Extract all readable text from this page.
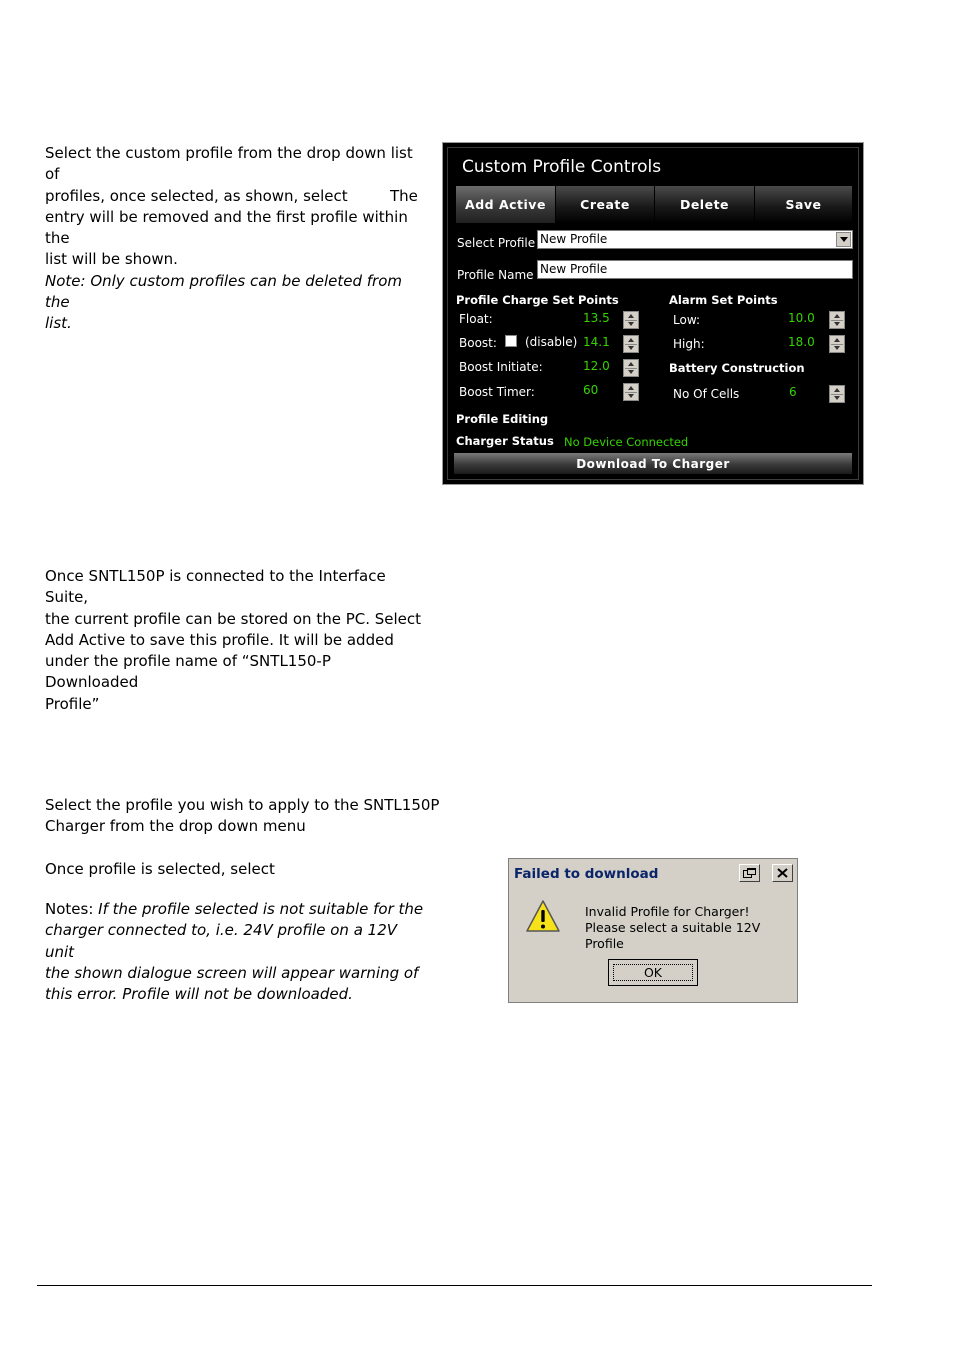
Select the custom profile from the drop down list of

profiles, once selected, as shown, select	The

entry will be removed and the first profile within the

list will be shown.

Note: Only custom profiles can be deleted from the

list.

Once SNTL150P is connected to the Interface Suite,

the current profile can be stored on the PC. Select

Add Active to save this profile. It will be added

under the profile name of “SNTL150-P Downloaded

Profile”

Select the profile you wish to apply to the SNTL150P

Charger from the drop down menu

Once profile is selected, select

Notes: If the profile selected is not suitable for the

charger connected to, i.e. 24V profile on a 12V unit

the shown dialogue screen will appear warning of

this error. Profile will not be downloaded.

Custom Profile Controls
Add Active	Create	Delete	Save
Select Profile New Profile
Profile Name New Profile
Profile Charge Set Points	Alarm Set Points
Float:	13.5	Low:	10.0
Boost: (disable) 14.1	High:	18.0
Boost Initiate:	12.0	Battery Construction
Boost Timer:	60	No Of Cells	6
Profile Editing
Charger Status No Device Connected
Download To Charger
Failed to download
Invalid Profile for Charger!
Please select a suitable 12V Profile
OK
